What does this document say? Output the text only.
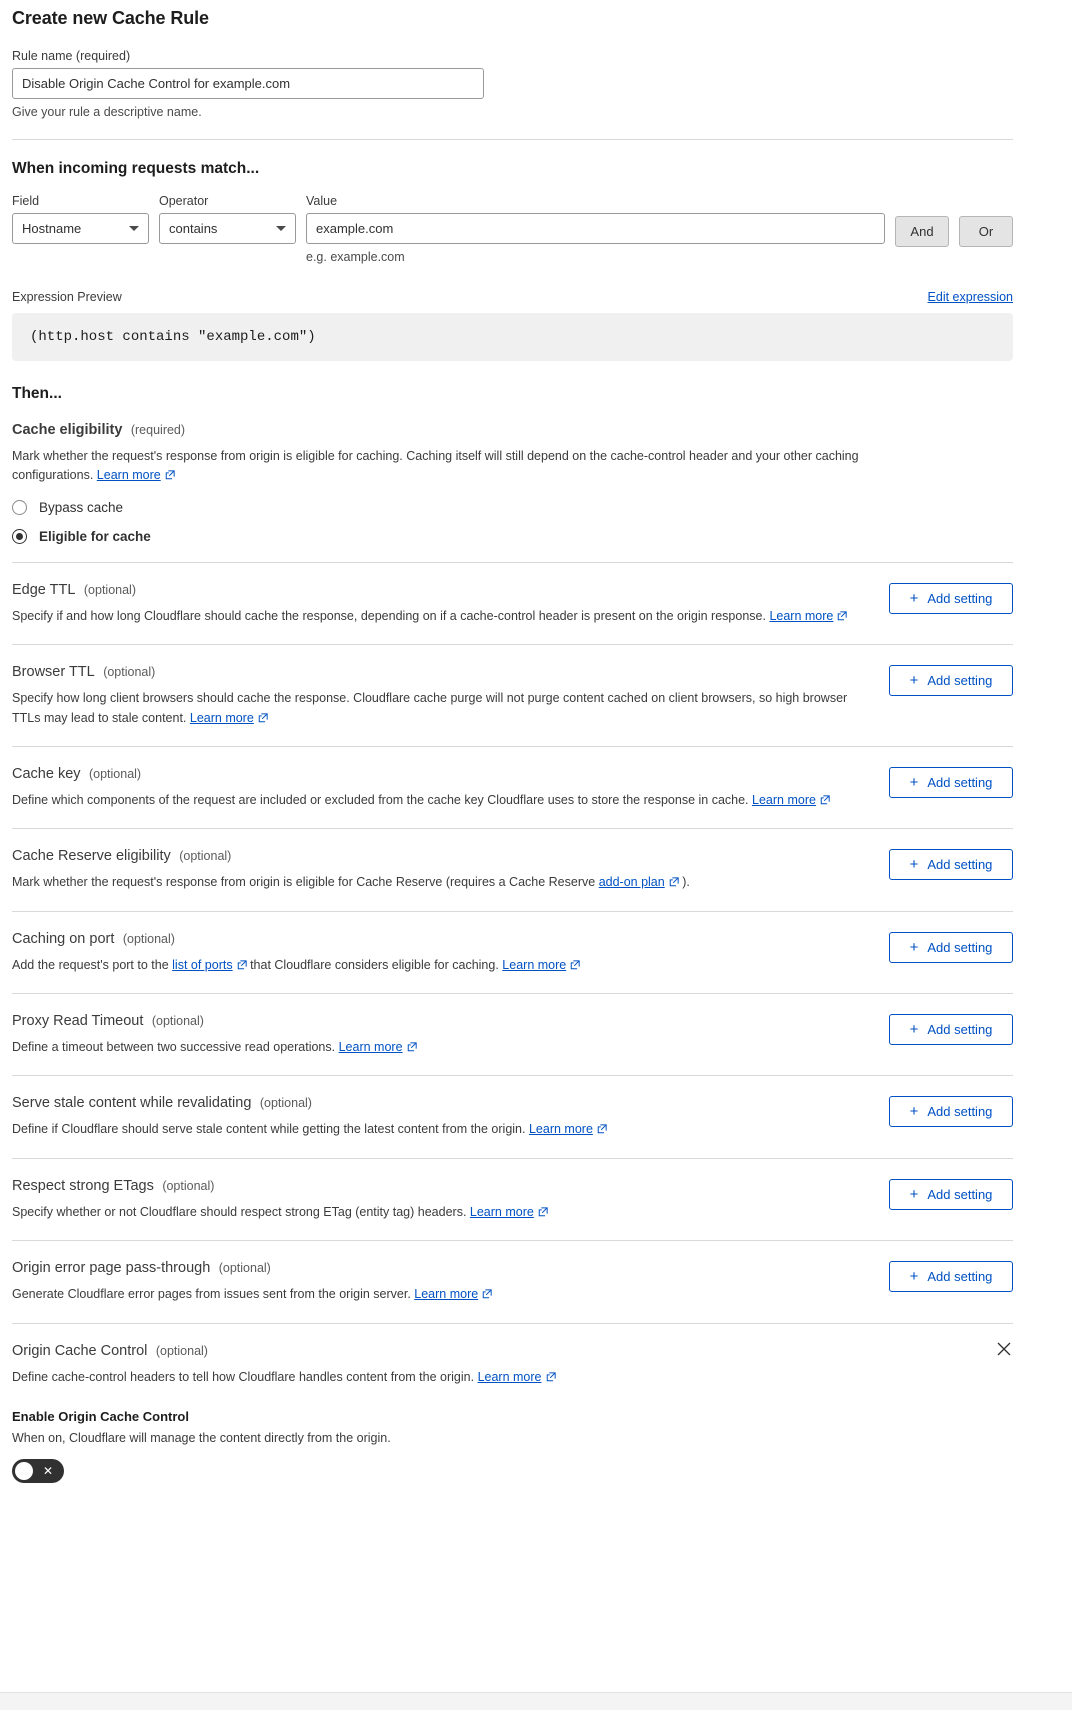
Create new Cache Rule
Rule name (required)
Disable Origin Cache Control for example.com
Give your rule a descriptive name.
When incoming requests match...
Field
Hostname
Operator
contains
Value
example.com
e.g. example.com
And	Or
Expression Preview	Edit expression
(http.host contains "example.com")
Then...
Cache eligibility (required)
Mark whether the request's response from origin is eligible for caching. Caching itself will still depend on the cache-control header and your other caching configurations. Learn more
Bypass cache
Eligible for cache
Edge TTL (optional)
Specify if and how long Cloudflare should cache the response, depending on if a cache-control header is present on the origin response. Learn more
+ Add setting
Browser TTL (optional)
Specify how long client browsers should cache the response. Cloudflare cache purge will not purge content cached on client browsers, so high browser TTLs may lead to stale content. Learn more
+ Add setting
Cache key (optional)
Define which components of the request are included or excluded from the cache key Cloudflare uses to store the response in cache. Learn more
+ Add setting
Cache Reserve eligibility (optional)
Mark whether the request's response from origin is eligible for Cache Reserve (requires a Cache Reserve add-on plan ).
+ Add setting
Caching on port (optional)
Add the request's port to the list of ports that Cloudflare considers eligible for caching. Learn more
+ Add setting
Proxy Read Timeout (optional)
Define a timeout between two successive read operations. Learn more
+ Add setting
Serve stale content while revalidating (optional)
Define if Cloudflare should serve stale content while getting the latest content from the origin. Learn more
+ Add setting
Respect strong ETags (optional)
Specify whether or not Cloudflare should respect strong ETag (entity tag) headers. Learn more
+ Add setting
Origin error page pass-through (optional)
Generate Cloudflare error pages from issues sent from the origin server. Learn more
+ Add setting
Origin Cache Control (optional)
Define cache-control headers to tell how Cloudflare handles content from the origin. Learn more
Enable Origin Cache Control
When on, Cloudflare will manage the content directly from the origin.
✕
